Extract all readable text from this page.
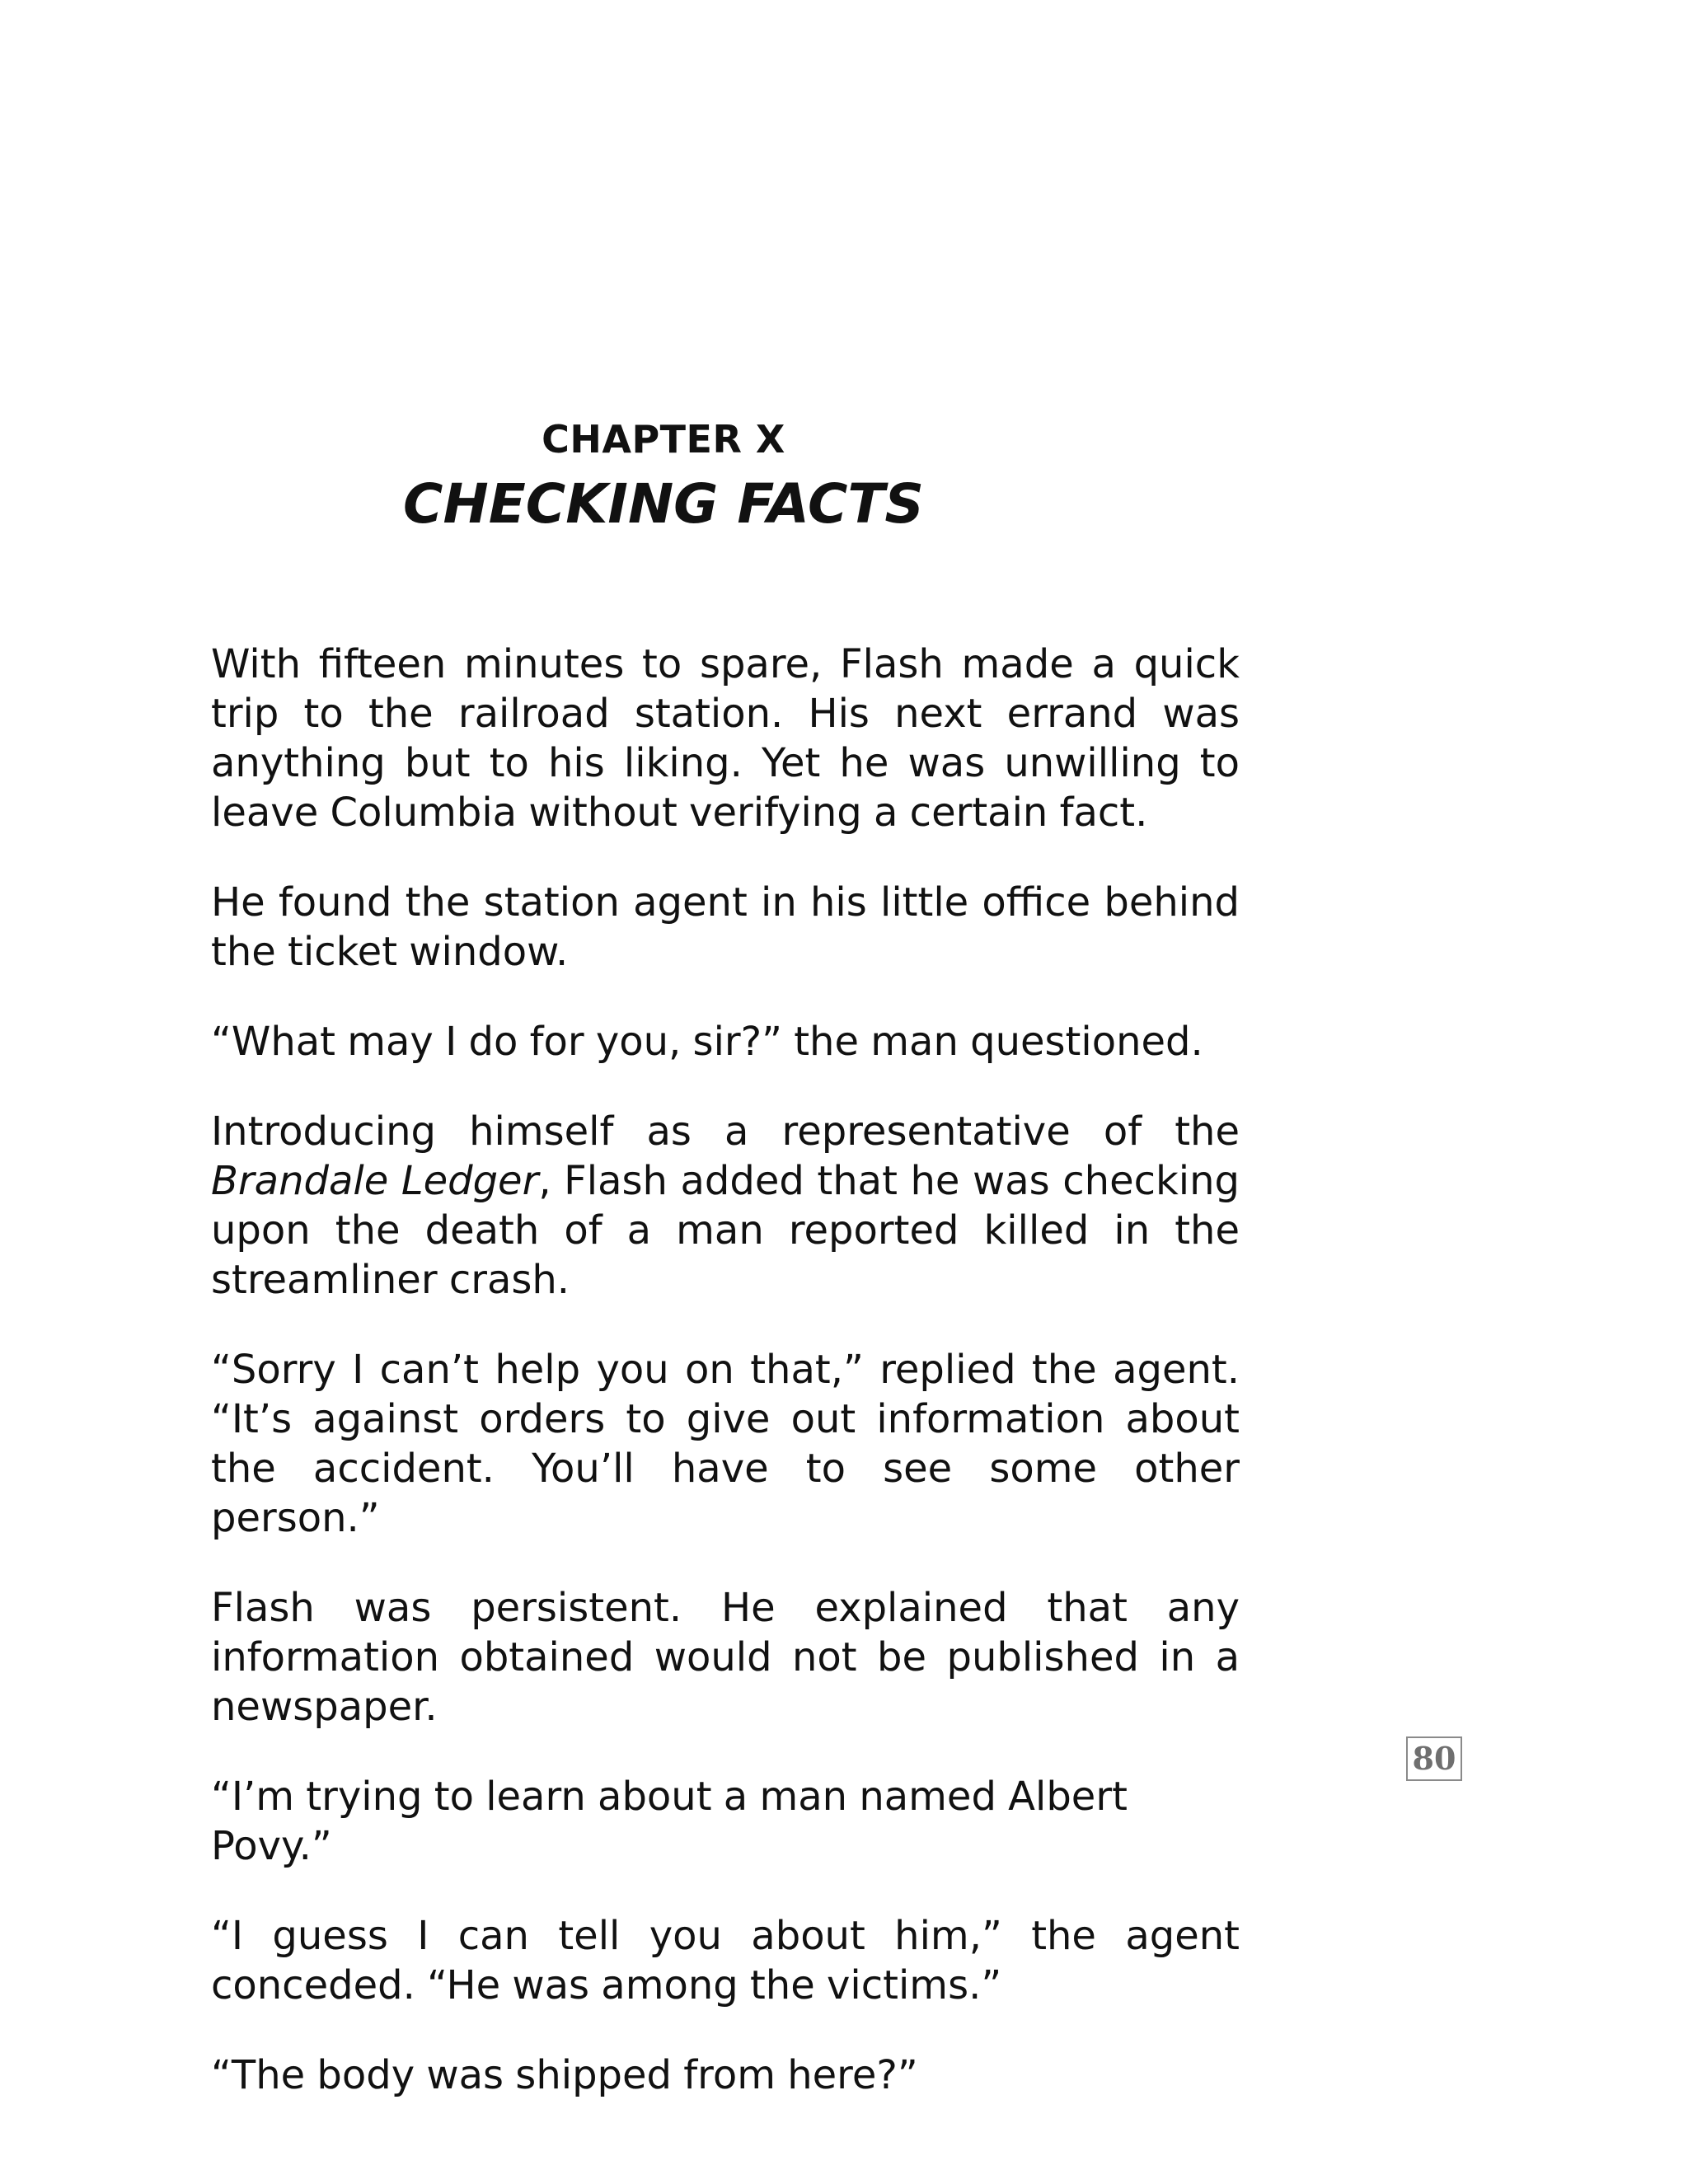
CHAPTER X
CHECKING FACTS

With fifteen minutes to spare, Flash made a quick trip to the railroad station. His next errand was anything but to his liking. Yet he was unwilling to leave Columbia without verifying a certain fact.

He found the station agent in his little office behind the ticket window.

“What may I do for you, sir?” the man questioned.

Introducing himself as a representative of the Brandale Ledger, Flash added that he was checking upon the death of a man reported killed in the streamliner crash.

“Sorry I can’t help you on that,” replied the agent. “It’s against orders to give out information about the accident. You’ll have to see some other person.”

Flash was persistent. He explained that any information obtained would not be published in a newspaper.

“I’m trying to learn about a man named Albert Povy.”

“I guess I can tell you about him,” the agent conceded. “He was among the victims.”

“The body was shipped from here?”

80
